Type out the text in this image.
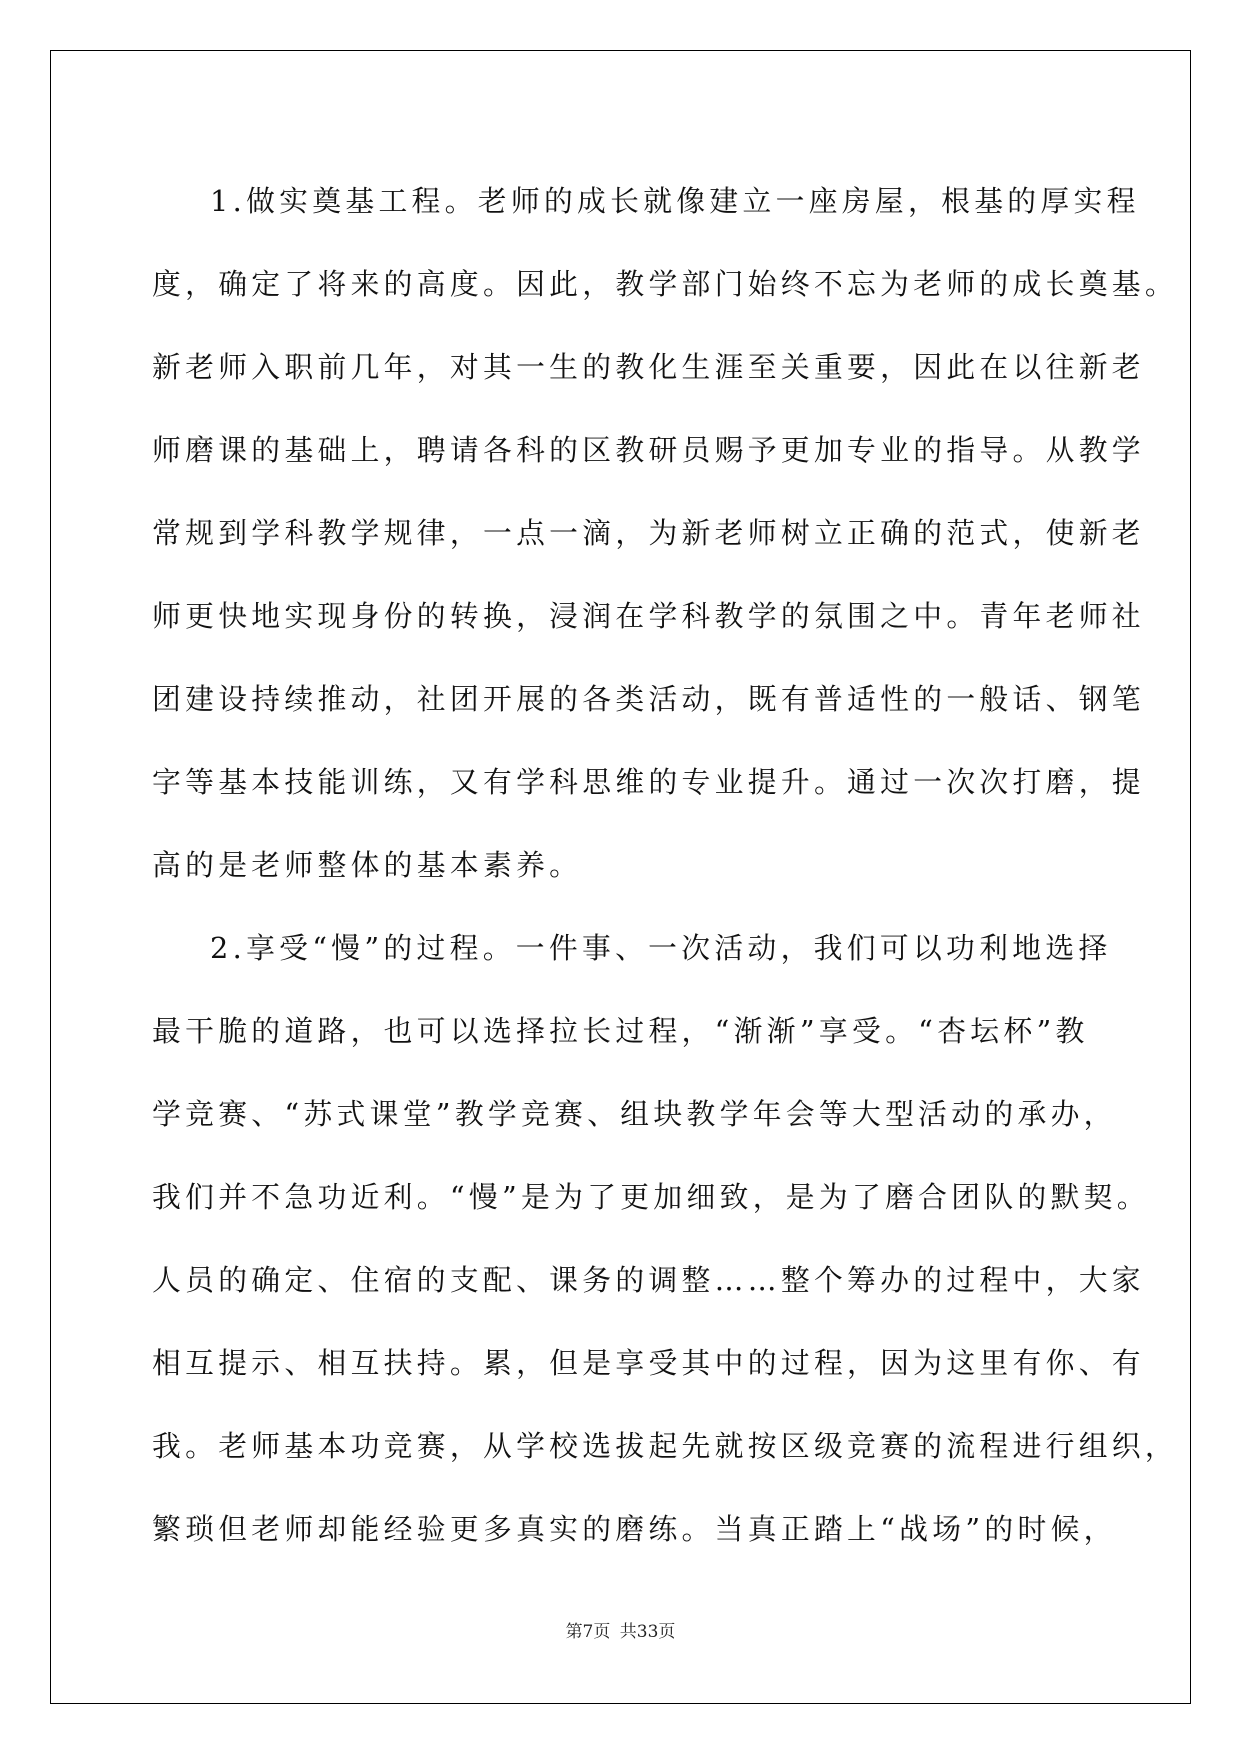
1.做实奠基工程。老师的成长就像建立一座房屋，根基的厚实程
度，确定了将来的高度。因此，教学部门始终不忘为老师的成长奠基。
新老师入职前几年，对其一生的教化生涯至关重要，因此在以往新老
师磨课的基础上，聘请各科的区教研员赐予更加专业的指导。从教学
常规到学科教学规律，一点一滴，为新老师树立正确的范式，使新老
师更快地实现身份的转换，浸润在学科教学的氛围之中。青年老师社
团建设持续推动，社团开展的各类活动，既有普适性的一般话、钢笔
字等基本技能训练，又有学科思维的专业提升。通过一次次打磨，提
高的是老师整体的基本素养。
2.享受“慢”的过程。一件事、一次活动，我们可以功利地选择
最干脆的道路，也可以选择拉长过程，“渐渐”享受。“杏坛杯”教
学竞赛、“苏式课堂”教学竞赛、组块教学年会等大型活动的承办，
我们并不急功近利。“慢”是为了更加细致，是为了磨合团队的默契。
人员的确定、住宿的支配、课务的调整……整个筹办的过程中，大家
相互提示、相互扶持。累，但是享受其中的过程，因为这里有你、有
我。老师基本功竞赛，从学校选拔起先就按区级竞赛的流程进行组织，
繁琐但老师却能经验更多真实的磨练。当真正踏上“战场”的时候，
第7页 共33页
